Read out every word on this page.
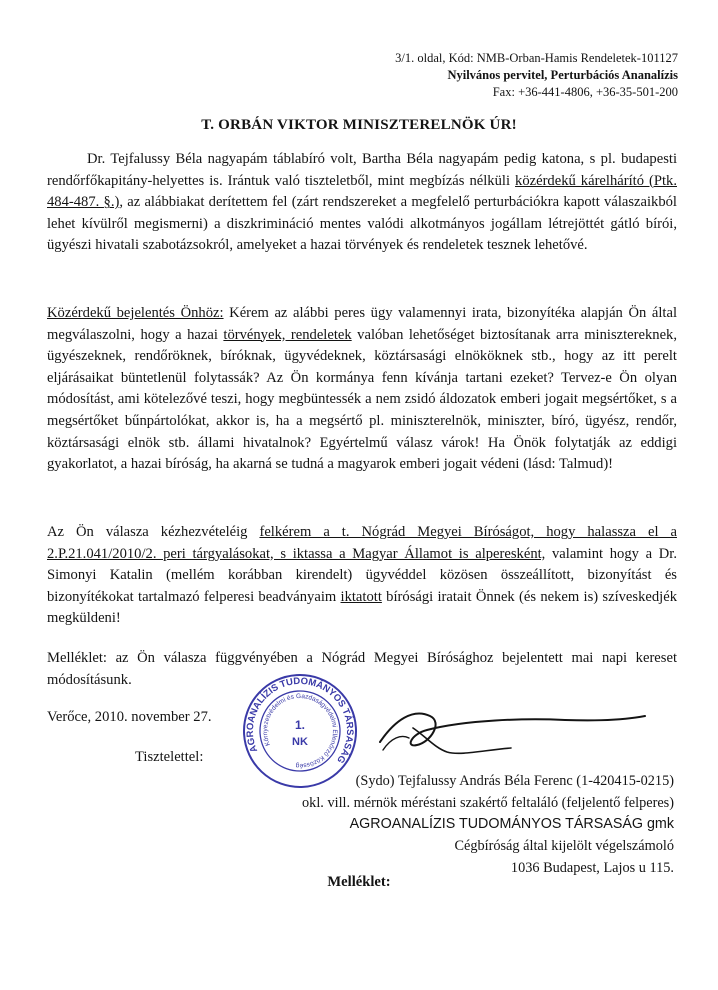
3/1. oldal, Kód: NMB-Orban-Hamis Rendeletek-101127
Nyilvános pervitel, Perturbációs Ananalízis
Fax: +36-441-4806, +36-35-501-200
T. ORBÁN VIKTOR MINISZTERELNÖK ÚR!
Dr. Tejfalussy Béla nagyapám táblabíró volt, Bartha Béla nagyapám pedig katona, s pl. budapesti rendőrfőkapitány-helyettes is. Irántuk való tiszteletből, mint megbízás nélküli közérdekű kárelhárító (Ptk. 484-487. §.), az alábbiakat derítettem fel (zárt rendszereket a megfelelő perturbációkra kapott válaszaikból lehet kívülről megismerni) a diszkrimináció mentes valódi alkotmányos jogállam létrejöttét gátló bírói, ügyészi hivatali szabotázsokról, amelyeket a hazai törvények és rendeletek tesznek lehetővé.
Közérdekű bejelentés Önhöz: Kérem az alábbi peres ügy valamennyi irata, bizonyítéka alapján Ön által megválaszolni, hogy a hazai törvények, rendeletek valóban lehetőséget biztosítanak arra minisztereknek, ügyészeknek, rendőröknek, bíróknak, ügyvédeknek, köztársasági elnököknek stb., hogy az itt perelt eljárásaikat büntetlenül folytassák? Az Ön kormánya fenn kívánja tartani ezeket? Tervez-e Ön olyan módosítást, ami kötelezővé teszi, hogy megbüntessék a nem zsidó áldozatok emberi jogait megsértőket, s a megsértőket bűnpártolókat, akkor is, ha a megsértő pl. miniszterelnök, miniszter, bíró, ügyész, rendőr, köztársasági elnök stb. állami hivatalnok? Egyértelmű válasz várok! Ha Önök folytatják az eddigi gyakorlatot, a hazai bíróság, ha akarná se tudná a magyarok emberi jogait védeni (lásd: Talmud)!
Az Ön válasza kézhezvételéig felkérem a t. Nógrád Megyei Bíróságot, hogy halassza el a 2.P.21.041/2010/2. peri tárgyalásokat, s iktassa a Magyar Államot is alperesként, valamint hogy a Dr. Simonyi Katalin (mellém korábban kirendelt) ügyvéddel közösen összeállított, bizonyítást és bizonyítékokat tartalmazó felperesi beadványaim iktatott bírósági iratait Önnek (és nekem is) szíveskedjék megküldeni!
Melléklet: az Ön válasza függvényében a Nógrád Megyei Bírósághoz bejelentett mai napi kereset módosításunk.
Verőce, 2010. november 27.
Tisztelettel:
AGROANALÍZIS TUDOMÁNYOS TÁRSASÁG
Környezetvédelmi és Gazdaságvédelmi Ellenőrző Közösség
1.
NK
(Sydo) Tejfalussy András Béla Ferenc (1-420415-0215)
okl. vill. mérnök méréstani szakértő feltaláló (feljelentő felperes)
AGROANALÍZIS TUDOMÁNYOS TÁRSASÁG gmk
Cégbíróság által kijelölt végelszámoló
1036 Budapest, Lajos u 115.
Melléklet:
